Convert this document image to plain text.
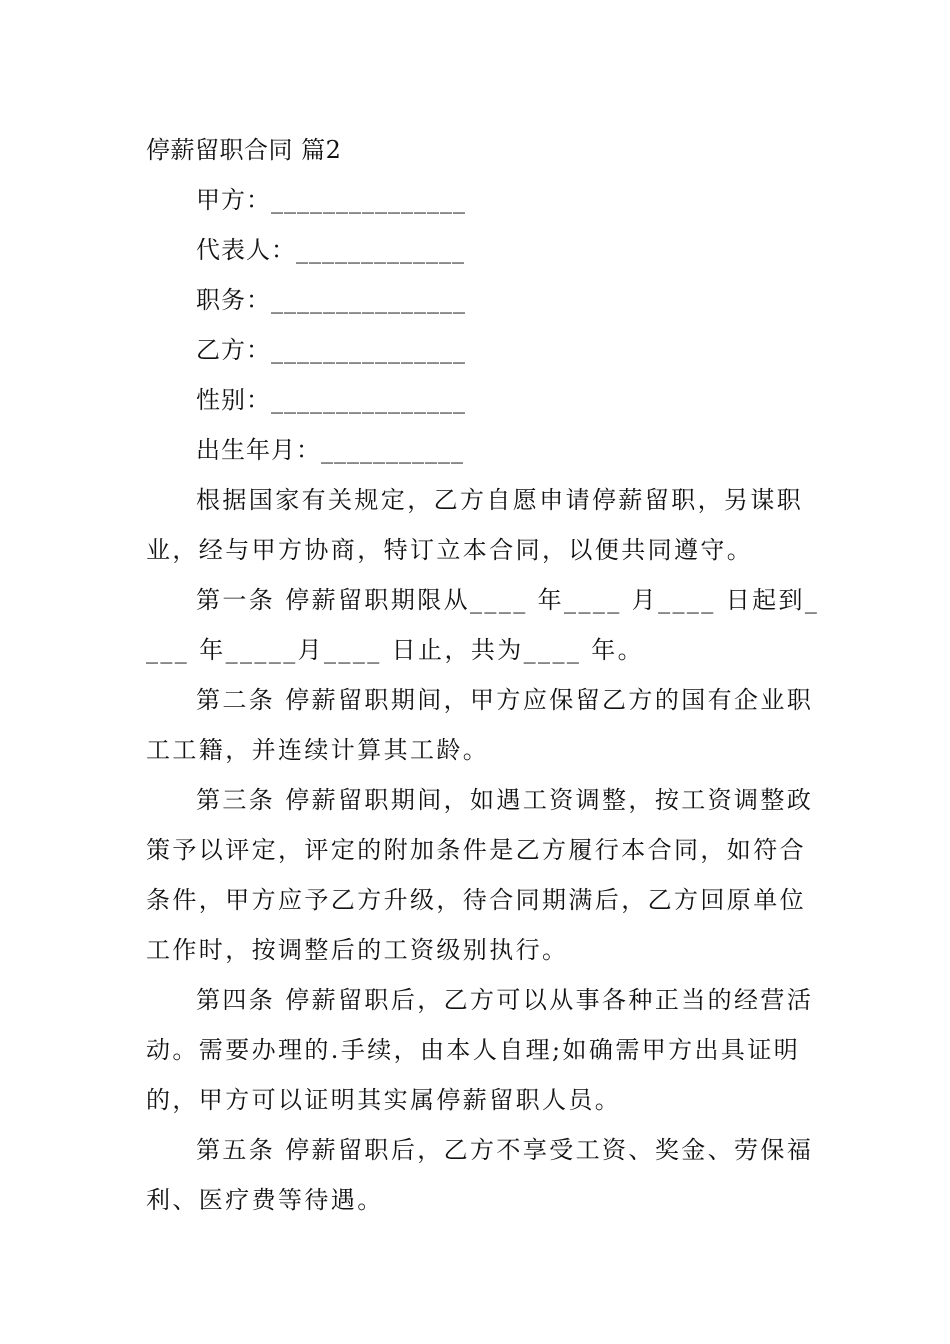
停薪留职合同 篇2
甲方：_______________
代表人：_____________
职务：_______________
乙方：_______________
性别：_______________
出生年月：___________
根据国家有关规定，乙方自愿申请停薪留职，另谋职
业，经与甲方协商，特订立本合同，以便共同遵守。
第一条 停薪留职期限从____ 年____ 月____ 日起到_
___ 年_____月____ 日止，共为____ 年。
第二条 停薪留职期间，甲方应保留乙方的国有企业职
工工籍，并连续计算其工龄。
第三条 停薪留职期间，如遇工资调整，按工资调整政
策予以评定，评定的附加条件是乙方履行本合同，如符合
条件，甲方应予乙方升级，待合同期满后，乙方回原单位
工作时，按调整后的工资级别执行。
第四条 停薪留职后，乙方可以从事各种正当的经营活
动。需要办理的.手续，由本人自理;如确需甲方出具证明
的，甲方可以证明其实属停薪留职人员。
第五条 停薪留职后，乙方不享受工资、奖金、劳保福
利、医疗费等待遇。
